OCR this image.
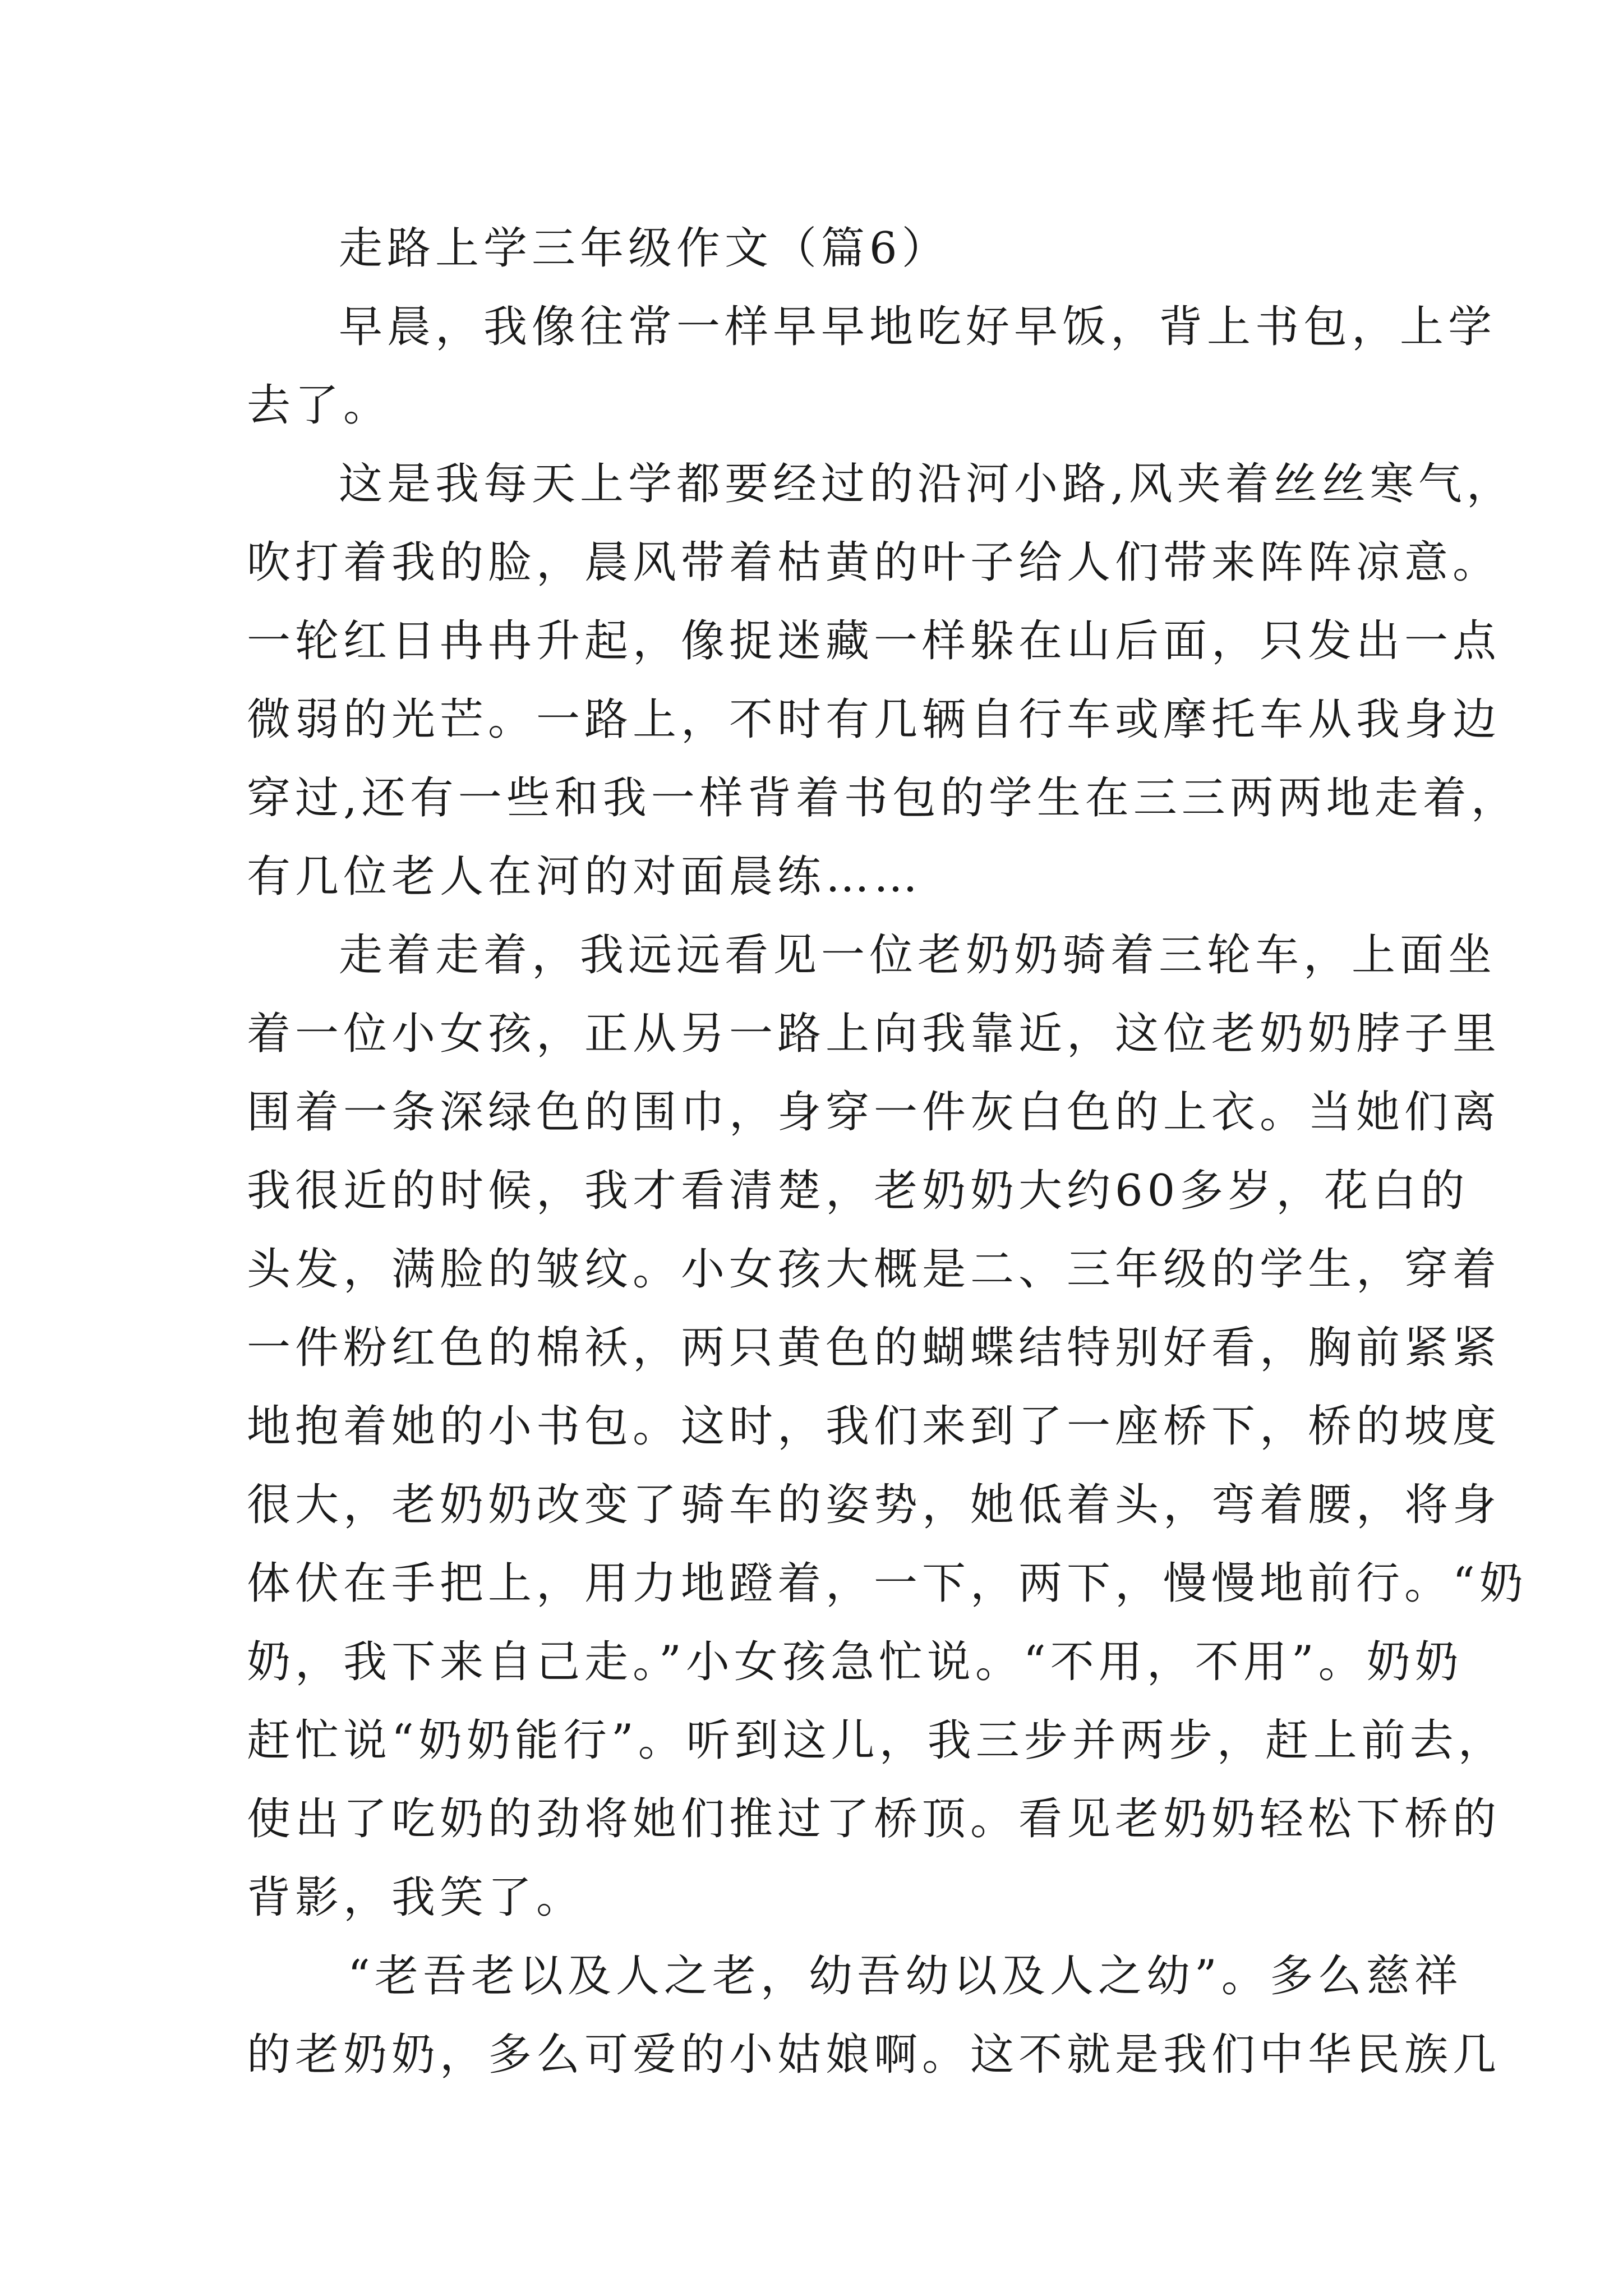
走路上学三年级作文（篇6）
早晨，我像往常一样早早地吃好早饭，背上书包，上学
去了。
这是我每天上学都要经过的沿河小路,风夹着丝丝寒气，
吹打着我的脸，晨风带着枯黄的叶子给人们带来阵阵凉意。
一轮红日冉冉升起，像捉迷藏一样躲在山后面，只发出一点
微弱的光芒。一路上，不时有几辆自行车或摩托车从我身边
穿过,还有一些和我一样背着书包的学生在三三两两地走着，
有几位老人在河的对面晨练……
走着走着，我远远看见一位老奶奶骑着三轮车，上面坐
着一位小女孩，正从另一路上向我靠近，这位老奶奶脖子里
围着一条深绿色的围巾，身穿一件灰白色的上衣。当她们离
我很近的时候，我才看清楚，老奶奶大约60多岁，花白的
头发，满脸的皱纹。小女孩大概是二、三年级的学生，穿着
一件粉红色的棉袄，两只黄色的蝴蝶结特别好看，胸前紧紧
地抱着她的小书包。这时，我们来到了一座桥下，桥的坡度
很大，老奶奶改变了骑车的姿势，她低着头，弯着腰，将身
体伏在手把上，用力地蹬着，一下，两下，慢慢地前行。“奶
奶，我下来自己走。”小女孩急忙说。“不用，不用”。奶奶
赶忙说“奶奶能行”。听到这儿，我三步并两步，赶上前去，
使出了吃奶的劲将她们推过了桥顶。看见老奶奶轻松下桥的
背影，我笑了。
“老吾老以及人之老，幼吾幼以及人之幼”。多么慈祥
的老奶奶，多么可爱的小姑娘啊。这不就是我们中华民族几
